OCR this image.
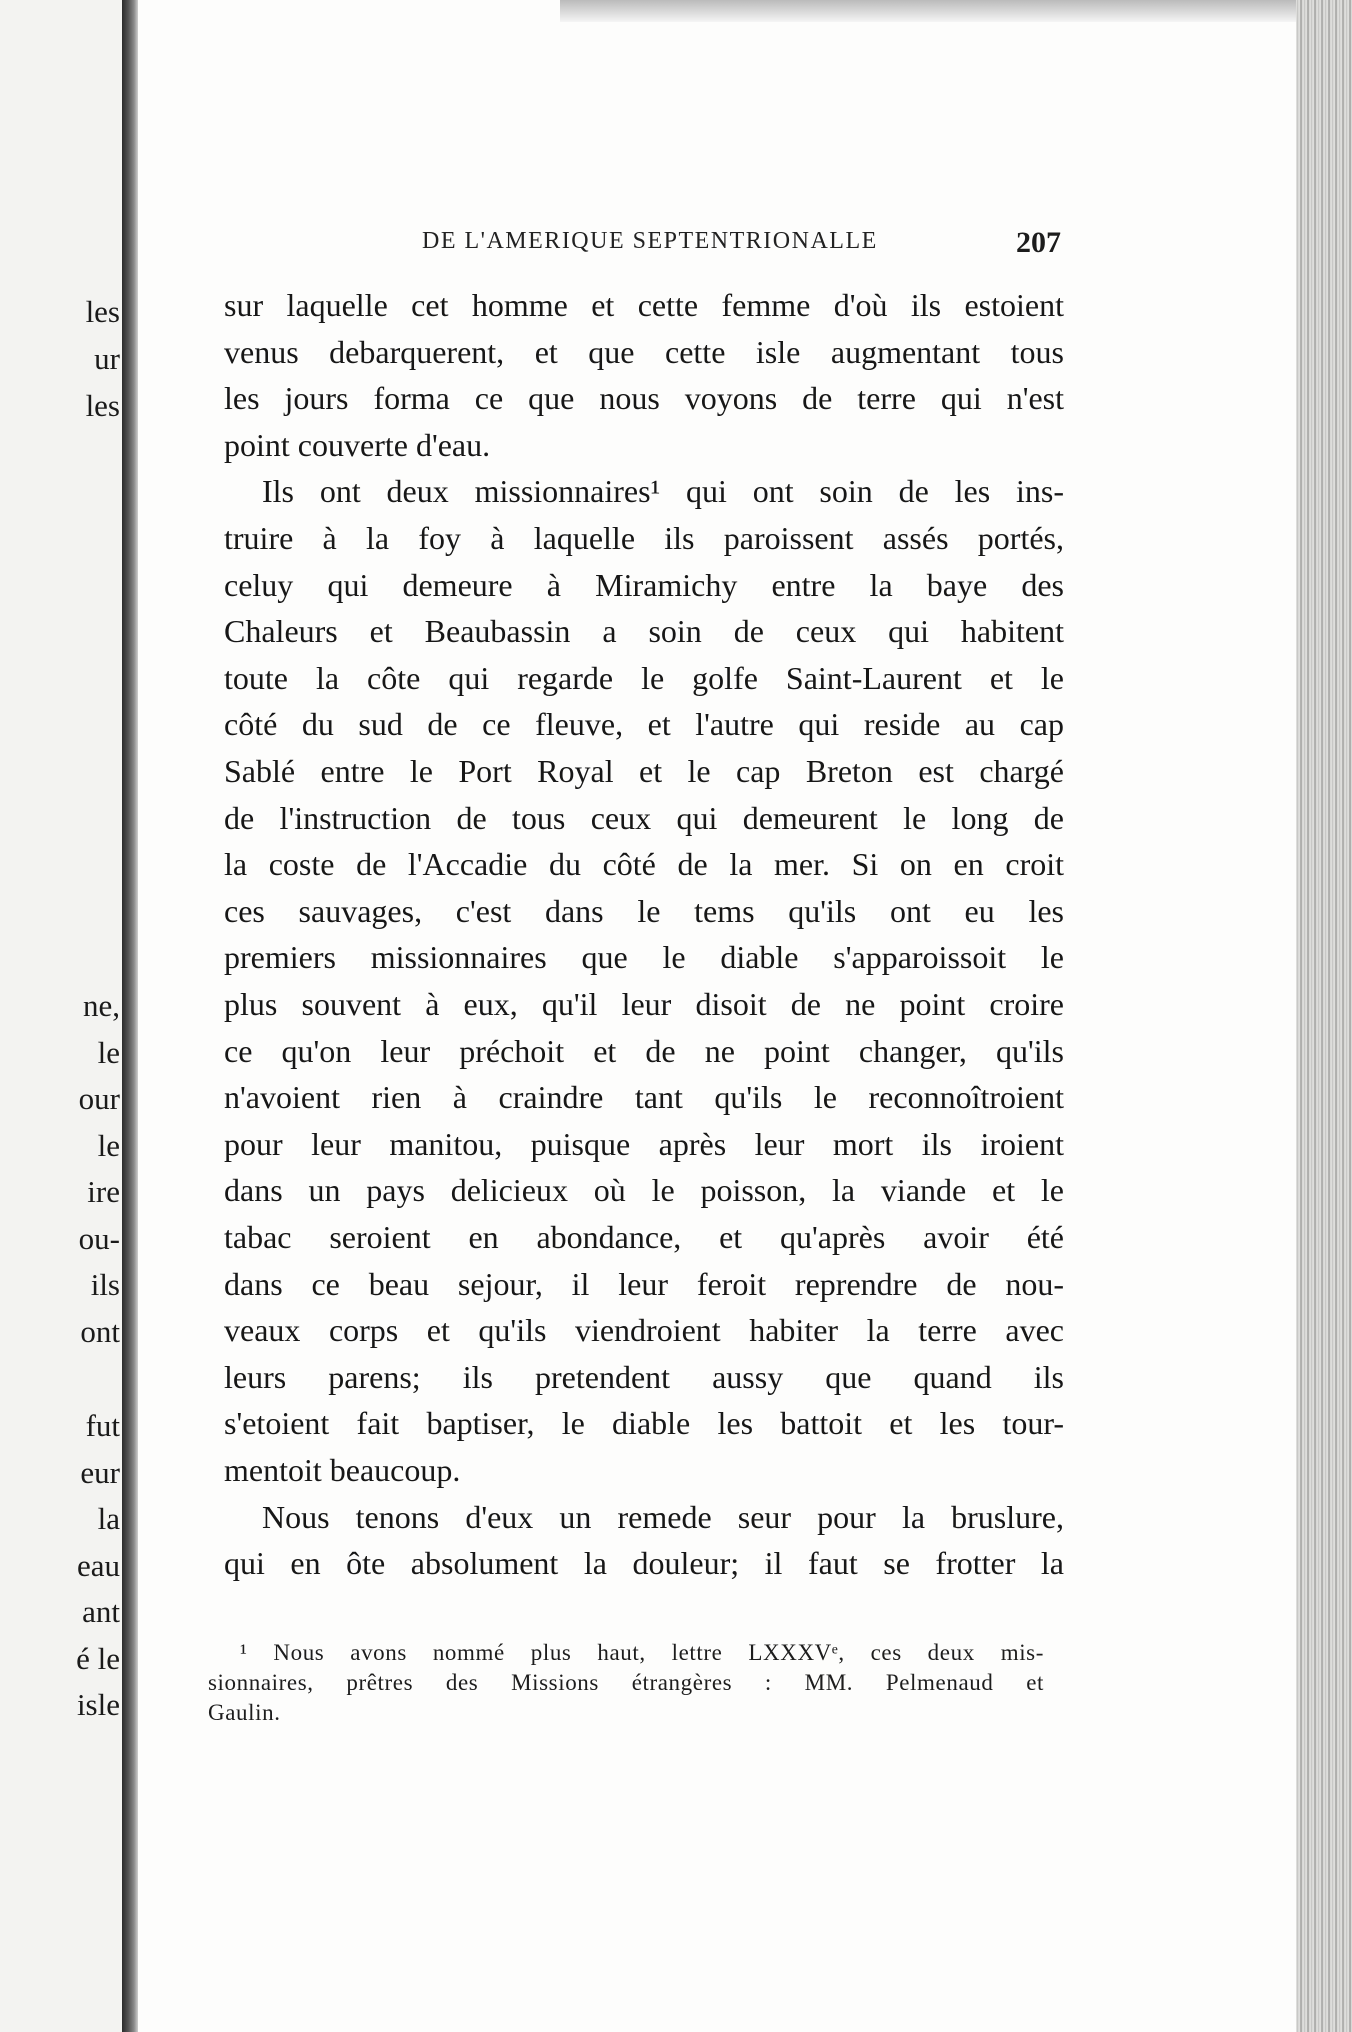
les
ur
les
ne,
le
our
le
ire
ou-
ils
ont
fut
eur
la
eau
ant
é le
isle
DE L'AMERIQUE SEPTENTRIONALLE	207
sur laquelle cet homme et cette femme d'où ils estoient
venus debarquerent, et que cette isle augmentant tous
les jours forma ce que nous voyons de terre qui n'est
point couverte d'eau.
Ils ont deux missionnaires¹ qui ont soin de les ins-
truire à la foy à laquelle ils paroissent assés portés,
celuy qui demeure à Miramichy entre la baye des
Chaleurs et Beaubassin a soin de ceux qui habitent
toute la côte qui regarde le golfe Saint-Laurent et le
côté du sud de ce fleuve, et l'autre qui reside au cap
Sablé entre le Port Royal et le cap Breton est chargé
de l'instruction de tous ceux qui demeurent le long de
la coste de l'Accadie du côté de la mer. Si on en croit
ces sauvages, c'est dans le tems qu'ils ont eu les
premiers missionnaires que le diable s'apparoissoit le
plus souvent à eux, qu'il leur disoit de ne point croire
ce qu'on leur préchoit et de ne point changer, qu'ils
n'avoient rien à craindre tant qu'ils le reconnoîtroient
pour leur manitou, puisque après leur mort ils iroient
dans un pays delicieux où le poisson, la viande et le
tabac seroient en abondance, et qu'après avoir été
dans ce beau sejour, il leur feroit reprendre de nou-
veaux corps et qu'ils viendroient habiter la terre avec
leurs parens; ils pretendent aussy que quand ils
s'etoient fait baptiser, le diable les battoit et les tour-
mentoit beaucoup.
Nous tenons d'eux un remede seur pour la bruslure,
qui en ôte absolument la douleur; il faut se frotter la
¹ Nous avons nommé plus haut, lettre LXXXVᵉ, ces deux mis-
sionnaires, prêtres des Missions étrangères : MM. Pelmenaud et
Gaulin.
